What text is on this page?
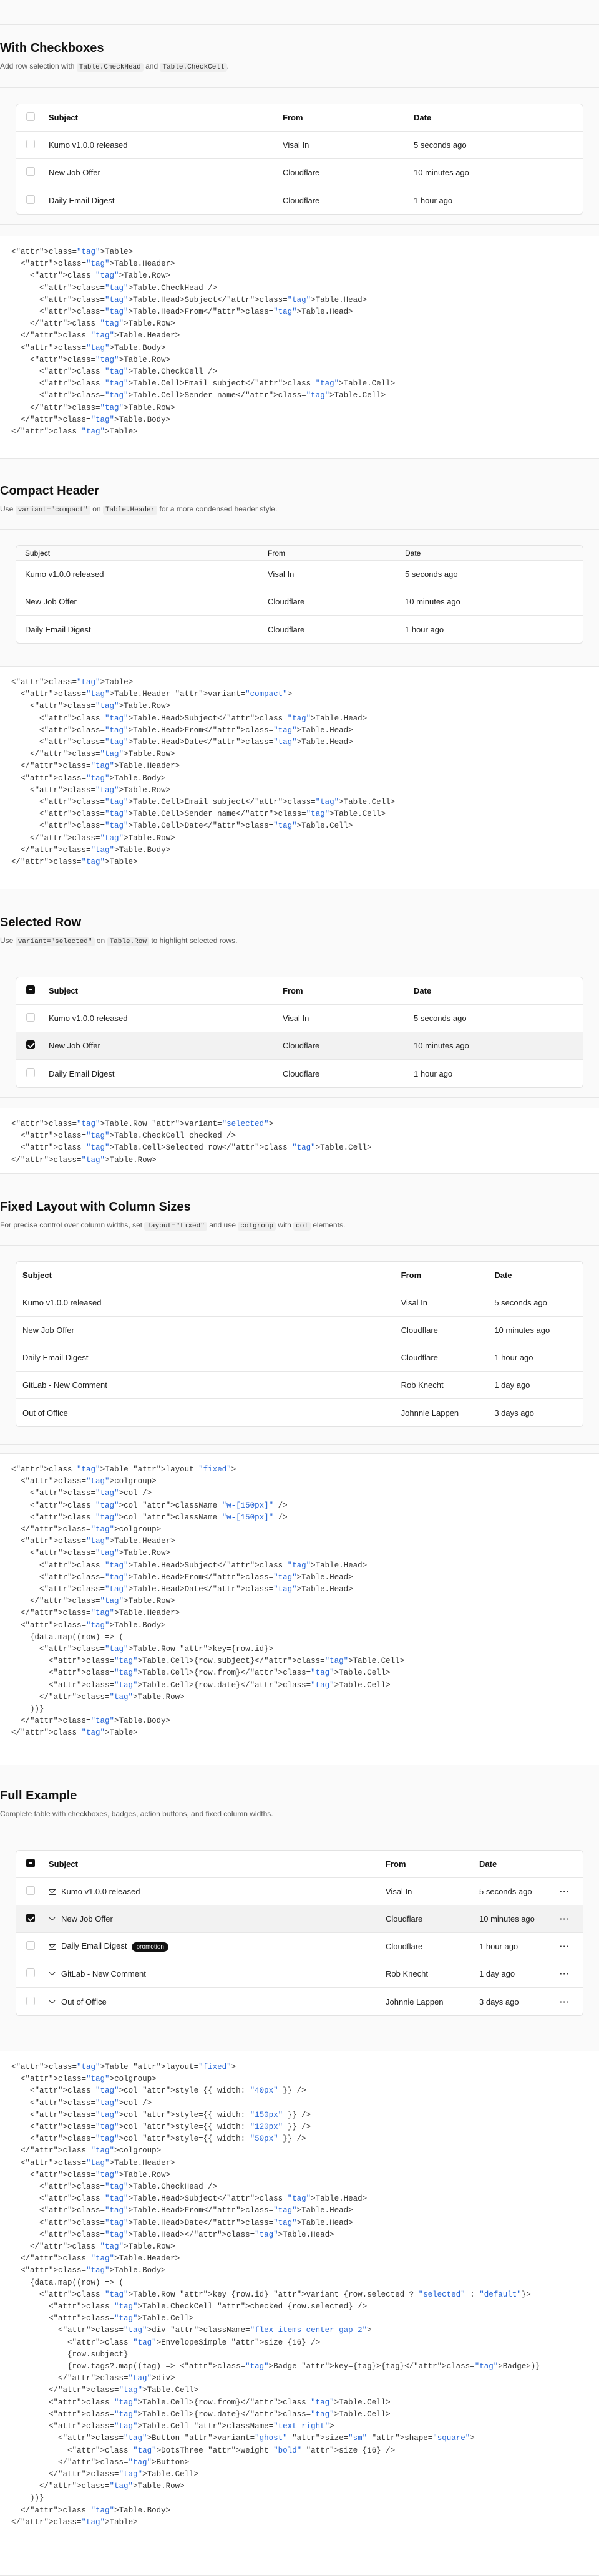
With Checkboxes
Add row selection with Table.CheckHead and Table.CheckCell .
Subject	From	Date
Kumo v1.0.0 released	Visal In	5 seconds ago
New Job Offer	Cloudflare	10 minutes ago
Daily Email Digest	Cloudflare	1 hour ago
<"attr">class="tag">Table>
<"attr">class="tag">Table.Header>
<"attr">class="tag">Table.Row>
<"attr">class="tag">Table.CheckHead />
<"attr">class="tag">Table.Head>Subject</"attr">class="tag">Table.Head>
<"attr">class="tag">Table.Head>From</"attr">class="tag">Table.Head>
</"attr">class="tag">Table.Row>
</"attr">class="tag">Table.Header>
<"attr">class="tag">Table.Body>
<"attr">class="tag">Table.Row>
<"attr">class="tag">Table.CheckCell />
<"attr">class="tag">Table.Cell>Email subject</"attr">class="tag">Table.Cell>
<"attr">class="tag">Table.Cell>Sender name</"attr">class="tag">Table.Cell>
</"attr">class="tag">Table.Row>
</"attr">class="tag">Table.Body>
</"attr">class="tag">Table>
Compact Header
Use variant="compact" on Table.Header for a more condensed header style.
Subject	From	Date
Kumo v1.0.0 released	Visal In	5 seconds ago
New Job Offer	Cloudflare	10 minutes ago
Daily Email Digest	Cloudflare	1 hour ago
<"attr">class="tag">Table>
<"attr">class="tag">Table.Header "attr">variant="compact">
<"attr">class="tag">Table.Row>
<"attr">class="tag">Table.Head>Subject</"attr">class="tag">Table.Head>
<"attr">class="tag">Table.Head>From</"attr">class="tag">Table.Head>
<"attr">class="tag">Table.Head>Date</"attr">class="tag">Table.Head>
</"attr">class="tag">Table.Row>
</"attr">class="tag">Table.Header>
<"attr">class="tag">Table.Body>
<"attr">class="tag">Table.Row>
<"attr">class="tag">Table.Cell>Email subject</"attr">class="tag">Table.Cell>
<"attr">class="tag">Table.Cell>Sender name</"attr">class="tag">Table.Cell>
<"attr">class="tag">Table.Cell>Date</"attr">class="tag">Table.Cell>
</"attr">class="tag">Table.Row>
</"attr">class="tag">Table.Body>
</"attr">class="tag">Table>
Selected Row
Use variant="selected" on Table.Row to highlight selected rows.
Subject	From	Date
Kumo v1.0.0 released	Visal In	5 seconds ago
New Job Offer	Cloudflare	10 minutes ago
Daily Email Digest	Cloudflare	1 hour ago
<"attr">class="tag">Table.Row "attr">variant="selected">
<"attr">class="tag">Table.CheckCell checked />
<"attr">class="tag">Table.Cell>Selected row</"attr">class="tag">Table.Cell>
</"attr">class="tag">Table.Row>
Fixed Layout with Column Sizes
For precise control over column widths, set layout="fixed" and use colgroup with col elements.
Subject	From	Date
Kumo v1.0.0 released	Visal In	5 seconds ago
New Job Offer	Cloudflare	10 minutes ago
Daily Email Digest	Cloudflare	1 hour ago
GitLab - New Comment	Rob Knecht	1 day ago
Out of Office	Johnnie Lappen	3 days ago
<"attr">class="tag">Table "attr">layout="fixed">
<"attr">class="tag">colgroup>
<"attr">class="tag">col />
<"attr">class="tag">col "attr">className="w-[150px]" />
<"attr">class="tag">col "attr">className="w-[150px]" />
</"attr">class="tag">colgroup>
<"attr">class="tag">Table.Header>
<"attr">class="tag">Table.Row>
<"attr">class="tag">Table.Head>Subject</"attr">class="tag">Table.Head>
<"attr">class="tag">Table.Head>From</"attr">class="tag">Table.Head>
<"attr">class="tag">Table.Head>Date</"attr">class="tag">Table.Head>
</"attr">class="tag">Table.Row>
</"attr">class="tag">Table.Header>
<"attr">class="tag">Table.Body>
{data.map((row) => (
<"attr">class="tag">Table.Row "attr">key={row.id}>
<"attr">class="tag">Table.Cell>{row.subject}</"attr">class="tag">Table.Cell>
<"attr">class="tag">Table.Cell>{row.from}</"attr">class="tag">Table.Cell>
<"attr">class="tag">Table.Cell>{row.date}</"attr">class="tag">Table.Cell>
</"attr">class="tag">Table.Row>
))}
</"attr">class="tag">Table.Body>
</"attr">class="tag">Table>
Full Example
Complete table with checkboxes, badges, action buttons, and fixed column widths.
Subject	From	Date
Kumo v1.0.0 released	Visal In	5 seconds ago	···
New Job Offer	Cloudflare	10 minutes ago	···
Daily Email Digest promotion	Cloudflare	1 hour ago	···
GitLab - New Comment	Rob Knecht	1 day ago	···
Out of Office	Johnnie Lappen	3 days ago	···
<"attr">class="tag">Table "attr">layout="fixed">
<"attr">class="tag">colgroup>
<"attr">class="tag">col "attr">style={{ width: "40px" }} />
<"attr">class="tag">col />
<"attr">class="tag">col "attr">style={{ width: "150px" }} />
<"attr">class="tag">col "attr">style={{ width: "120px" }} />
<"attr">class="tag">col "attr">style={{ width: "50px" }} />
</"attr">class="tag">colgroup>
<"attr">class="tag">Table.Header>
<"attr">class="tag">Table.Row>
<"attr">class="tag">Table.CheckHead />
<"attr">class="tag">Table.Head>Subject</"attr">class="tag">Table.Head>
<"attr">class="tag">Table.Head>From</"attr">class="tag">Table.Head>
<"attr">class="tag">Table.Head>Date</"attr">class="tag">Table.Head>
<"attr">class="tag">Table.Head></"attr">class="tag">Table.Head>
</"attr">class="tag">Table.Row>
</"attr">class="tag">Table.Header>
<"attr">class="tag">Table.Body>
{data.map((row) => (
<"attr">class="tag">Table.Row "attr">key={row.id} "attr">variant={row.selected ? "selected" : "default"}>
<"attr">class="tag">Table.CheckCell "attr">checked={row.selected} />
<"attr">class="tag">Table.Cell>
<"attr">class="tag">div "attr">className="flex items-center gap-2">
<"attr">class="tag">EnvelopeSimple "attr">size={16} />
{row.subject}
{row.tags?.map((tag) => <"attr">class="tag">Badge "attr">key={tag}>{tag}</"attr">class="tag">Badge>)}
</"attr">class="tag">div>
</"attr">class="tag">Table.Cell>
<"attr">class="tag">Table.Cell>{row.from}</"attr">class="tag">Table.Cell>
<"attr">class="tag">Table.Cell>{row.date}</"attr">class="tag">Table.Cell>
<"attr">class="tag">Table.Cell "attr">className="text-right">
<"attr">class="tag">Button "attr">variant="ghost" "attr">size="sm" "attr">shape="square">
<"attr">class="tag">DotsThree "attr">weight="bold" "attr">size={16} />
</"attr">class="tag">Button>
</"attr">class="tag">Table.Cell>
</"attr">class="tag">Table.Row>
))}
</"attr">class="tag">Table.Body>
</"attr">class="tag">Table>
